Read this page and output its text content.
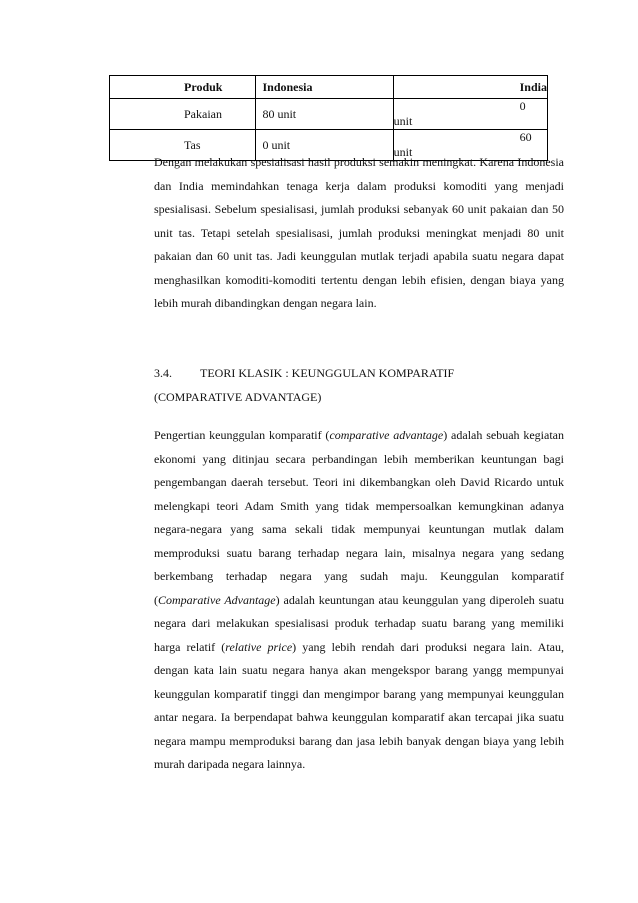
Produk	Indonesia	India
Pakaian	80 unit	0 unit
Tas	0 unit	60 unit

Dengan melakukan spesialisasi hasil produksi semakin meningkat. Karena Indonesia dan India memindahkan tenaga kerja dalam produksi komoditi yang menjadi spesialisasi. Sebelum spesialisasi, jumlah produksi sebanyak 60 unit pakaian dan 50 unit tas. Tetapi setelah spesialisasi, jumlah produksi meningkat menjadi 80 unit pakaian dan 60 unit tas. Jadi keunggulan mutlak terjadi apabila suatu negara dapat menghasilkan komoditi-komoditi tertentu dengan lebih efisien, dengan biaya yang lebih murah dibandingkan dengan negara lain.

3.4. TEORI KLASIK : KEUNGGULAN KOMPARATIF
(COMPARATIVE ADVANTAGE)

Pengertian keunggulan komparatif (comparative advantage) adalah sebuah kegiatan ekonomi yang ditinjau secara perbandingan lebih memberikan keuntungan bagi pengembangan daerah tersebut. Teori ini dikembangkan oleh David Ricardo untuk melengkapi teori Adam Smith yang tidak mempersoalkan kemungkinan adanya negara-negara yang sama sekali tidak mempunyai keuntungan mutlak dalam memproduksi suatu barang terhadap negara lain, misalnya negara yang sedang berkembang terhadap negara yang sudah maju. Keunggulan komparatif (Comparative Advantage) adalah keuntungan atau keunggulan yang diperoleh suatu negara dari melakukan spesialisasi produk terhadap suatu barang yang memiliki harga relatif (relative price) yang lebih rendah dari produksi negara lain. Atau, dengan kata lain suatu negara hanya akan mengekspor barang yangg mempunyai keunggulan komparatif tinggi dan mengimpor barang yang mempunyai keunggulan antar negara. Ia berpendapat bahwa keunggulan komparatif akan tercapai jika suatu negara mampu memproduksi barang dan jasa lebih banyak dengan biaya yang lebih murah daripada negara lainnya.
